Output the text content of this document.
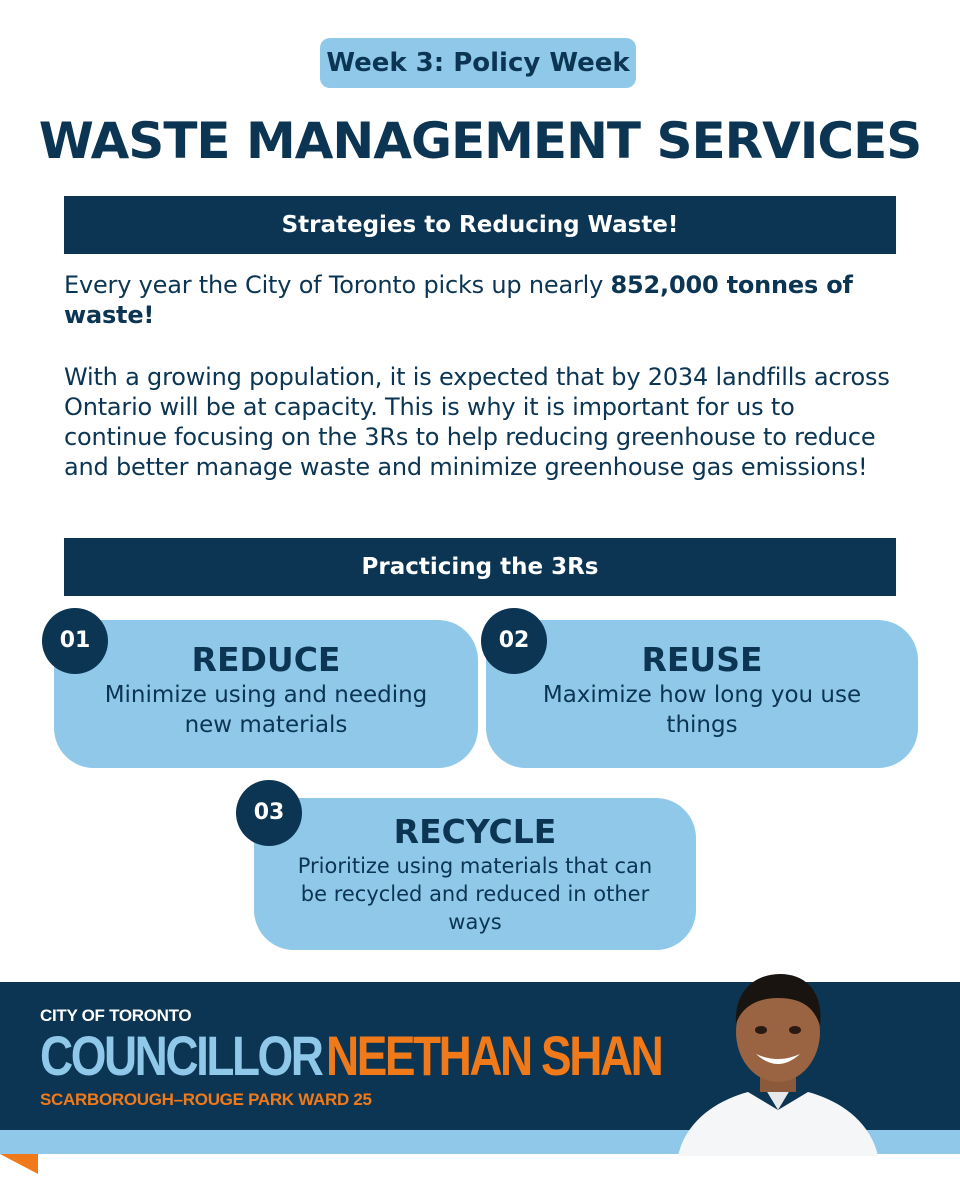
Week 3: Policy Week
WASTE MANAGEMENT SERVICES
Strategies to Reducing Waste!

Every year the City of Toronto picks up nearly 852,000 tonnes of waste!

With a growing population, it is expected that by 2034 landfills across Ontario will be at capacity. This is why it is important for us to continue focusing on the 3Rs to help reducing greenhouse to reduce and better manage waste and minimize greenhouse gas emissions!

Practicing the 3Rs
REDUCE
Minimize using and needing new materials
01	REUSE
Maximize how long you use things
02
RECYCLE
Prioritize using materials that can be recycled and reduced in other ways
03
CITY OF TORONTO
COUNCILLOR NEETHAN SHAN
SCARBOROUGH–ROUGE PARK WARD 25
